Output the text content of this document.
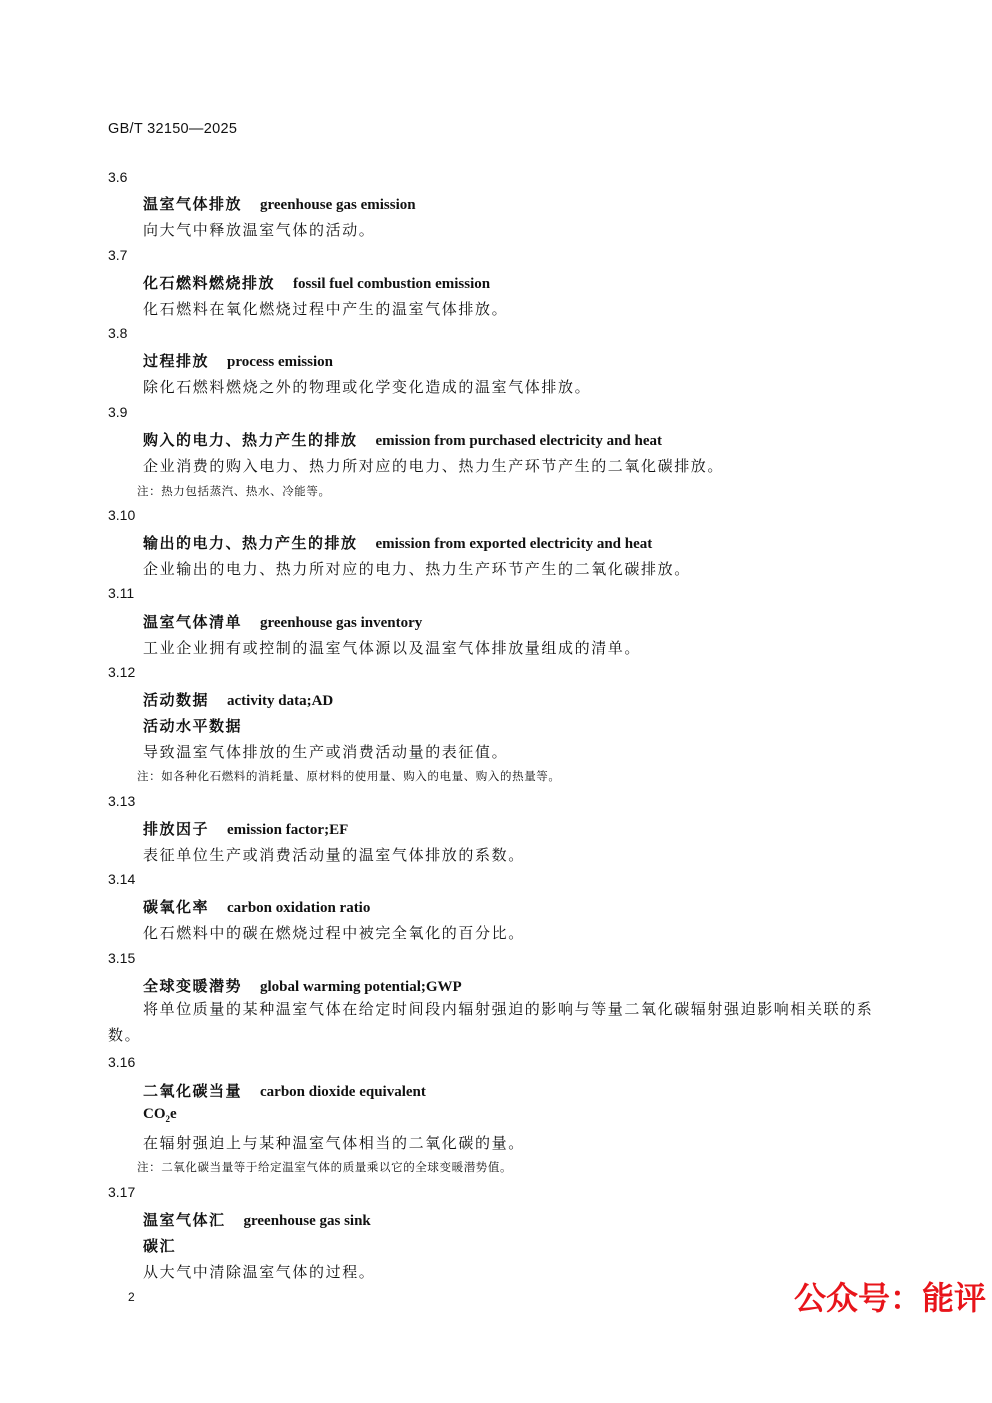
GB/T 32150—2025
3.6
温室气体排放 greenhouse gas emission
向大气中释放温室气体的活动。
3.7
化石燃料燃烧排放 fossil fuel combustion emission
化石燃料在氧化燃烧过程中产生的温室气体排放。
3.8
过程排放 process emission
除化石燃料燃烧之外的物理或化学变化造成的温室气体排放。
3.9
购入的电力、热力产生的排放 emission from purchased electricity and heat
企业消费的购入电力、热力所对应的电力、热力生产环节产生的二氧化碳排放。
注：热力包括蒸汽、热水、冷能等。
3.10
输出的电力、热力产生的排放 emission from exported electricity and heat
企业输出的电力、热力所对应的电力、热力生产环节产生的二氧化碳排放。
3.11
温室气体清单 greenhouse gas inventory
工业企业拥有或控制的温室气体源以及温室气体排放量组成的清单。
3.12
活动数据 activity data;AD
活动水平数据
导致温室气体排放的生产或消费活动量的表征值。
注：如各种化石燃料的消耗量、原材料的使用量、购入的电量、购入的热量等。
3.13
排放因子 emission factor;EF
表征单位生产或消费活动量的温室气体排放的系数。
3.14
碳氧化率 carbon oxidation ratio
化石燃料中的碳在燃烧过程中被完全氧化的百分比。
3.15
全球变暖潜势 global warming potential;GWP
将单位质量的某种温室气体在给定时间段内辐射强迫的影响与等量二氧化碳辐射强迫影响相关联的系数。
3.16
二氧化碳当量 carbon dioxide equivalent
$CO_2e$
在辐射强迫上与某种温室气体相当的二氧化碳的量。
注：二氧化碳当量等于给定温室气体的质量乘以它的全球变暖潜势值。
3.17
温室气体汇 greenhouse gas sink
碳汇
从大气中清除温室气体的过程。
2	公众号：能评
